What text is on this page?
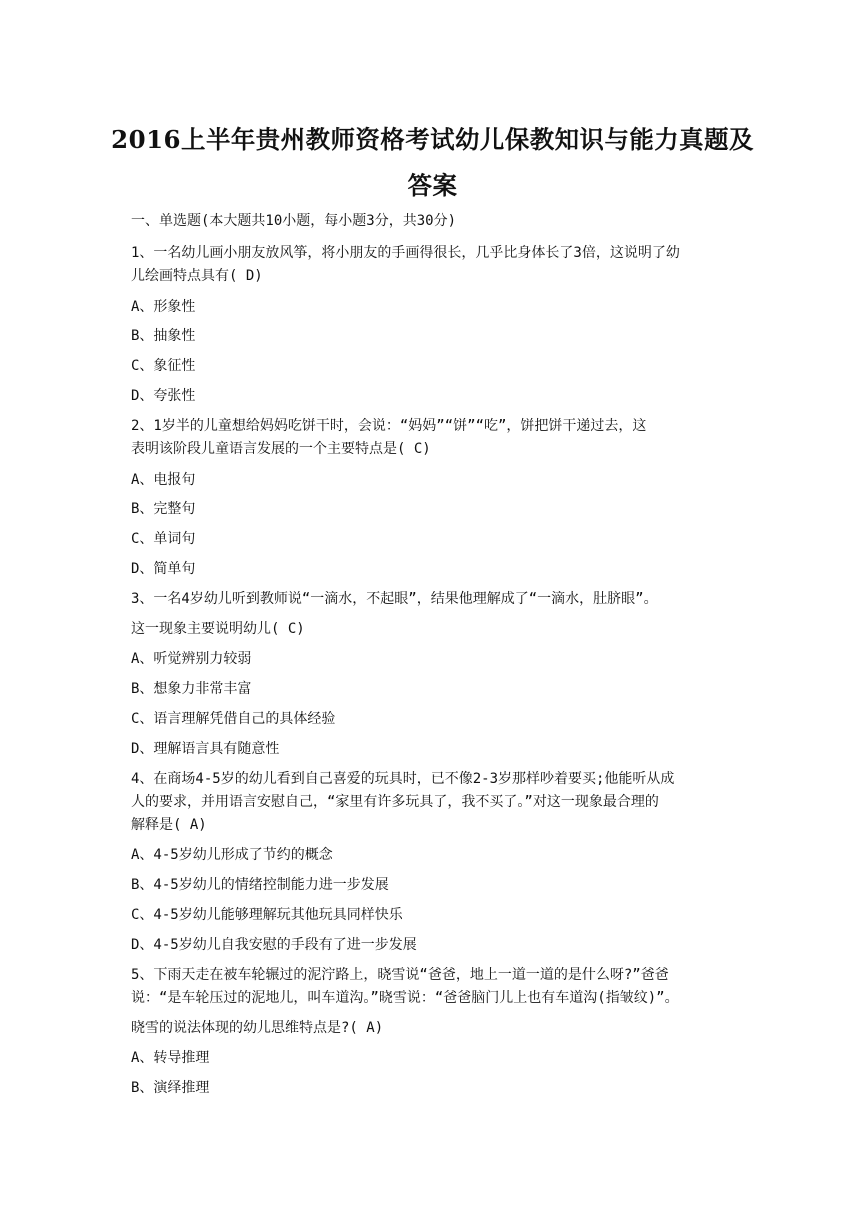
2016上半年贵州教师资格考试幼儿保教知识与能力真题及
答案
一、单选题(本大题共10小题，每小题3分，共30分)
1、一名幼儿画小朋友放风筝，将小朋友的手画得很长，几乎比身体长了3倍，这说明了幼
儿绘画特点具有( D)
A、形象性
B、抽象性
C、象征性
D、夸张性
2、1岁半的儿童想给妈妈吃饼干时，会说：“妈妈”“饼”“吃”，饼把饼干递过去，这
表明该阶段儿童语言发展的一个主要特点是( C)
A、电报句
B、完整句
C、单词句
D、简单句
3、一名4岁幼儿听到教师说“一滴水，不起眼”，结果他理解成了“一滴水，肚脐眼”。
这一现象主要说明幼儿( C)
A、听觉辨别力较弱
B、想象力非常丰富
C、语言理解凭借自己的具体经验
D、理解语言具有随意性
4、在商场4-5岁的幼儿看到自己喜爱的玩具时，已不像2-3岁那样吵着要买;他能听从成
人的要求，并用语言安慰自己，“家里有许多玩具了，我不买了。”对这一现象最合理的
解释是( A)
A、4-5岁幼儿形成了节约的概念
B、4-5岁幼儿的情绪控制能力进一步发展
C、4-5岁幼儿能够理解玩其他玩具同样快乐
D、4-5岁幼儿自我安慰的手段有了进一步发展
5、下雨天走在被车轮辗过的泥泞路上，晓雪说“爸爸，地上一道一道的是什么呀?”爸爸
说：“是车轮压过的泥地儿，叫车道沟。”晓雪说：“爸爸脑门儿上也有车道沟(指皱纹)”。
晓雪的说法体现的幼儿思维特点是?( A)
A、转导推理
B、演绎推理
